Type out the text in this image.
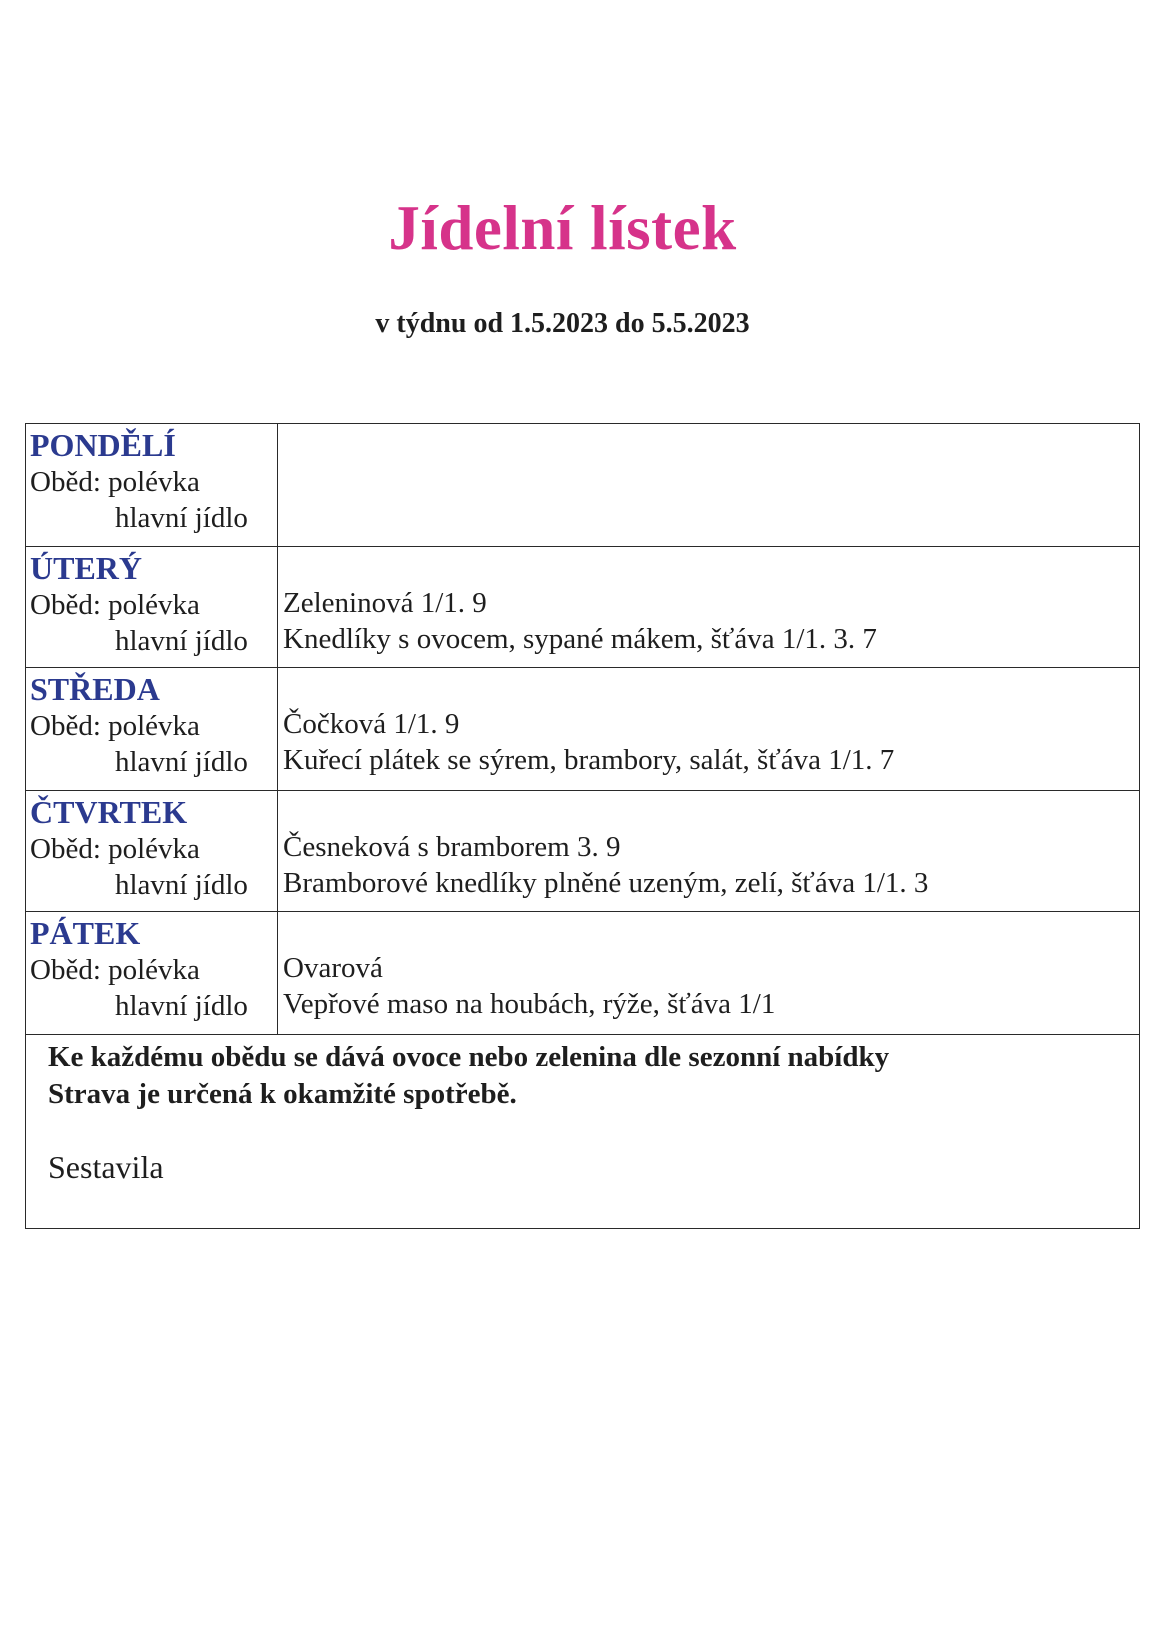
Jídelní lístek
v týdnu od 1.5.2023 do 5.5.2023
PONDĚLÍ
Oběd: polévka
hlavní jídlo
ÚTERÝ
Oběd: polévka
hlavní jídlo
Zeleninová 1/1. 9
Knedlíky s ovocem, sypané mákem, šťáva 1/1. 3. 7
STŘEDA
Oběd: polévka
hlavní jídlo
Čočková 1/1. 9
Kuřecí plátek se sýrem, brambory, salát, šťáva 1/1. 7
ČTVRTEK
Oběd: polévka
hlavní jídlo
Česneková s bramborem 3. 9
Bramborové knedlíky plněné uzeným, zelí, šťáva 1/1. 3
PÁTEK
Oběd: polévka
hlavní jídlo
Ovarová
Vepřové maso na houbách, rýže, šťáva 1/1
Ke každému obědu se dává ovoce nebo zelenina dle sezonní nabídky
Strava je určená k okamžité spotřebě.
Sestavila
